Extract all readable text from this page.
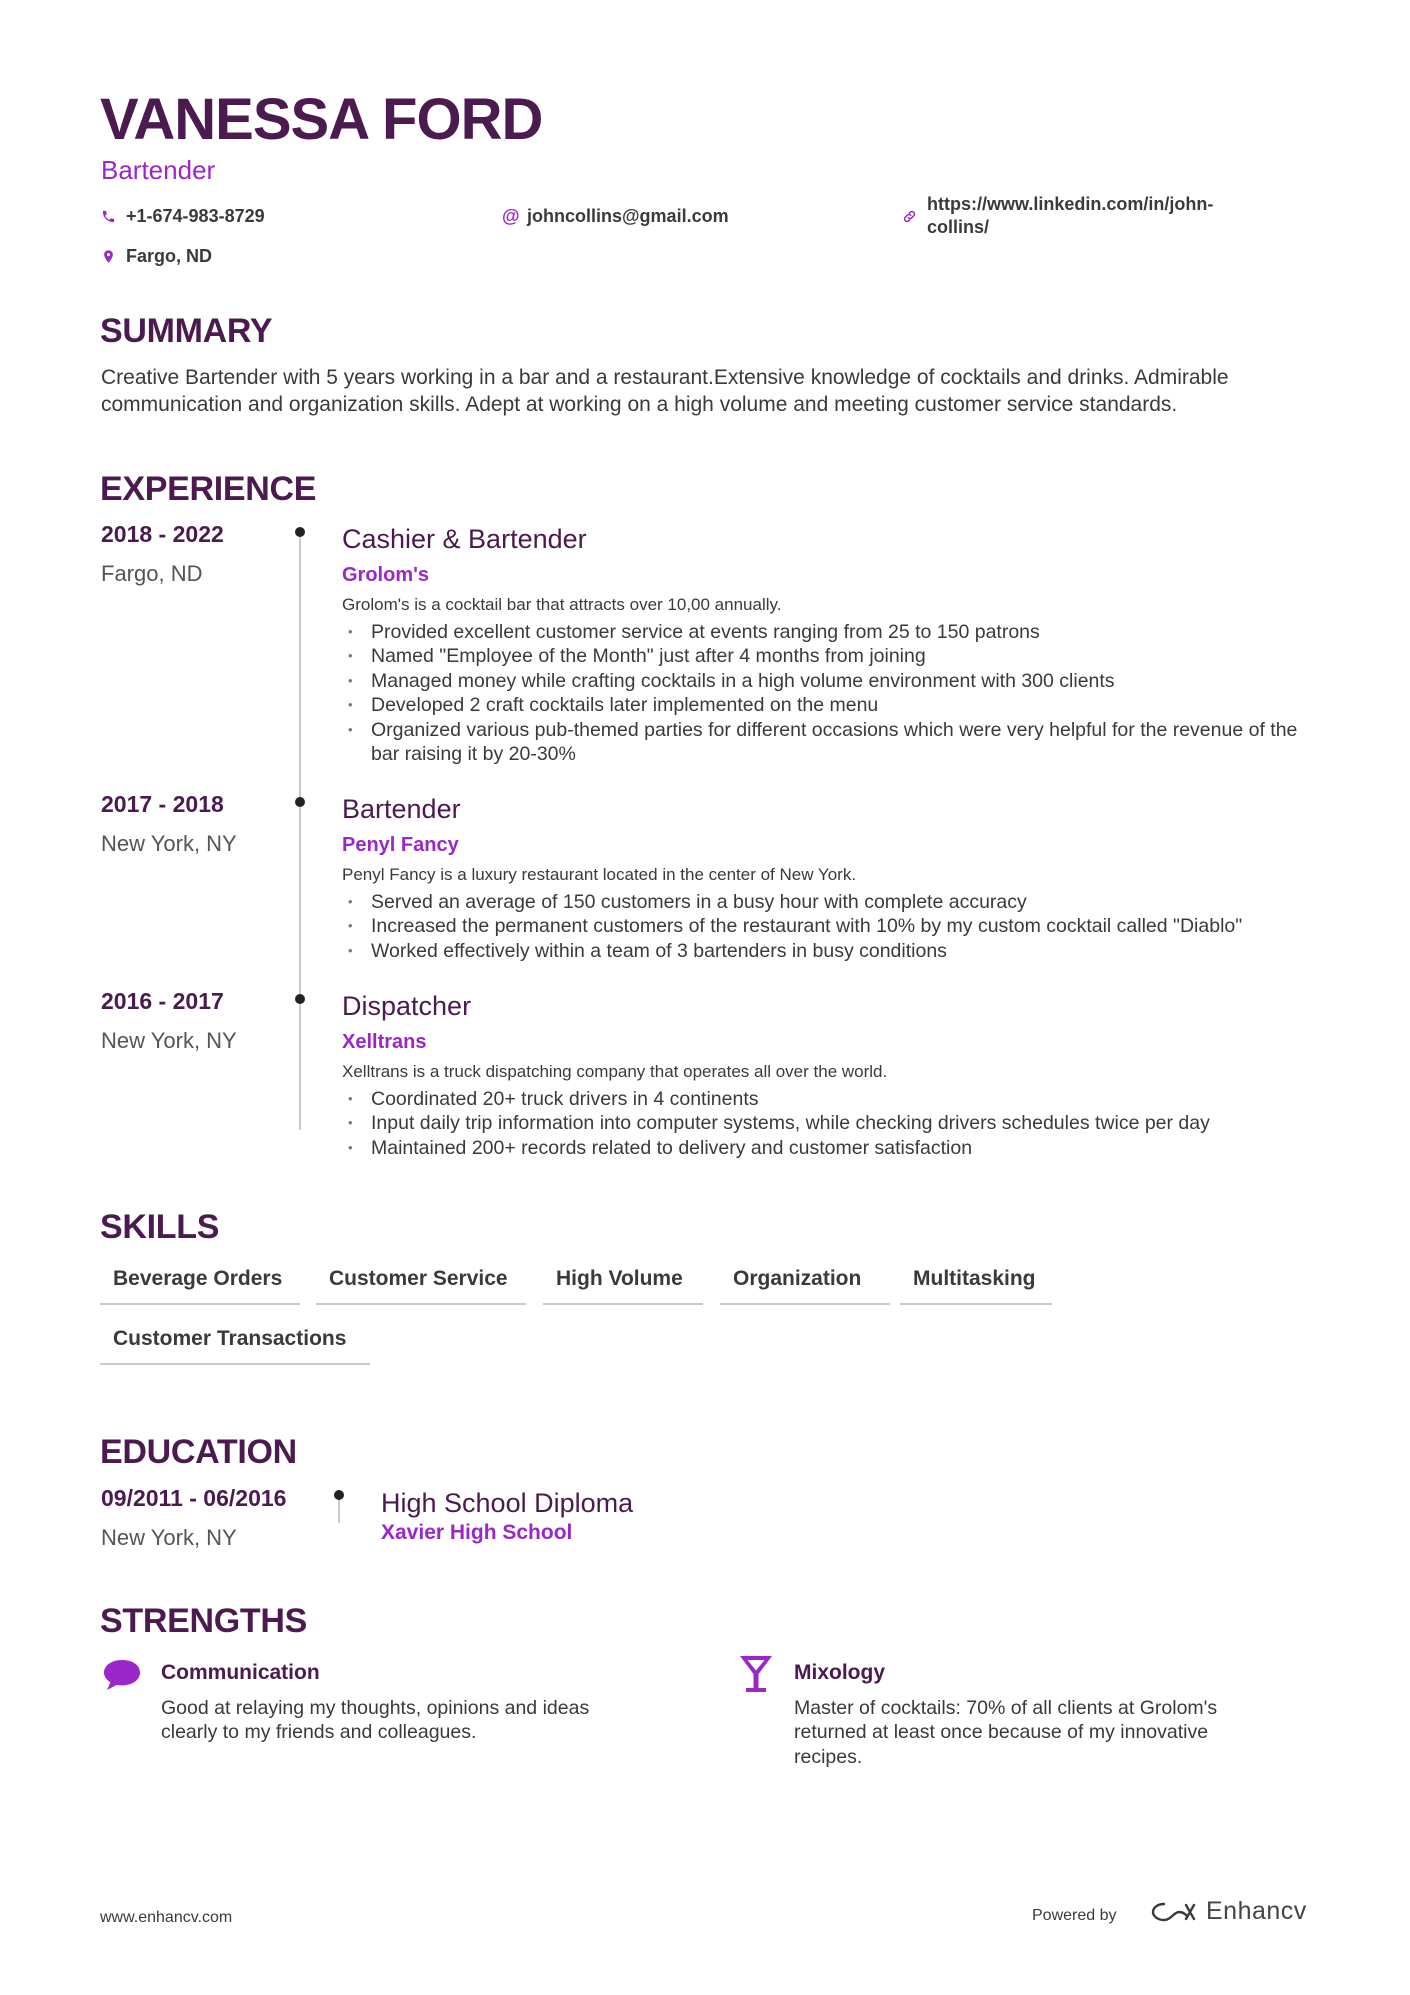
VANESSA FORD
Bartender
+1-674-983-8729	@ johncollins@gmail.com
https://www.linkedin.com/in/john-
collins/
Fargo, ND
SUMMARY
Creative Bartender with 5 years working in a bar and a restaurant.Extensive knowledge of cocktails and drinks. Admirable communication and organization skills. Adept at working on a high volume and meeting customer service standards.
EXPERIENCE
2018 - 2022
Fargo, ND
Cashier & Bartender
Grolom's
Grolom's is a cocktail bar that attracts over 10,00 annually.
• Provided excellent customer service at events ranging from 25 to 150 patrons
• Named "Employee of the Month" just after 4 months from joining
• Managed money while crafting cocktails in a high volume environment with 300 clients
• Developed 2 craft cocktails later implemented on the menu
• Organized various pub-themed parties for different occasions which were very helpful for the revenue of the bar raising it by 20-30%
2017 - 2018
New York, NY
Bartender
Penyl Fancy
Penyl Fancy is a luxury restaurant located in the center of New York.
• Served an average of 150 customers in a busy hour with complete accuracy
• Increased the permanent customers of the restaurant with 10% by my custom cocktail called "Diablo"
• Worked effectively within a team of 3 bartenders in busy conditions
2016 - 2017
New York, NY
Dispatcher
Xelltrans
Xelltrans is a truck dispatching company that operates all over the world.
• Coordinated 20+ truck drivers in 4 continents
• Input daily trip information into computer systems, while checking drivers schedules twice per day
• Maintained 200+ records related to delivery and customer satisfaction
SKILLS
Beverage Orders	Customer Service	High Volume	Organization	Multitasking
Customer Transactions
EDUCATION
09/2011 - 06/2016
New York, NY
High School Diploma
Xavier High School
STRENGTHS
Communication
Good at relaying my thoughts, opinions and ideas
clearly to my friends and colleagues.
Mixology
Master of cocktails: 70% of all clients at Grolom's
returned at least once because of my innovative
recipes.
www.enhancv.com	Powered by	Enhancv
